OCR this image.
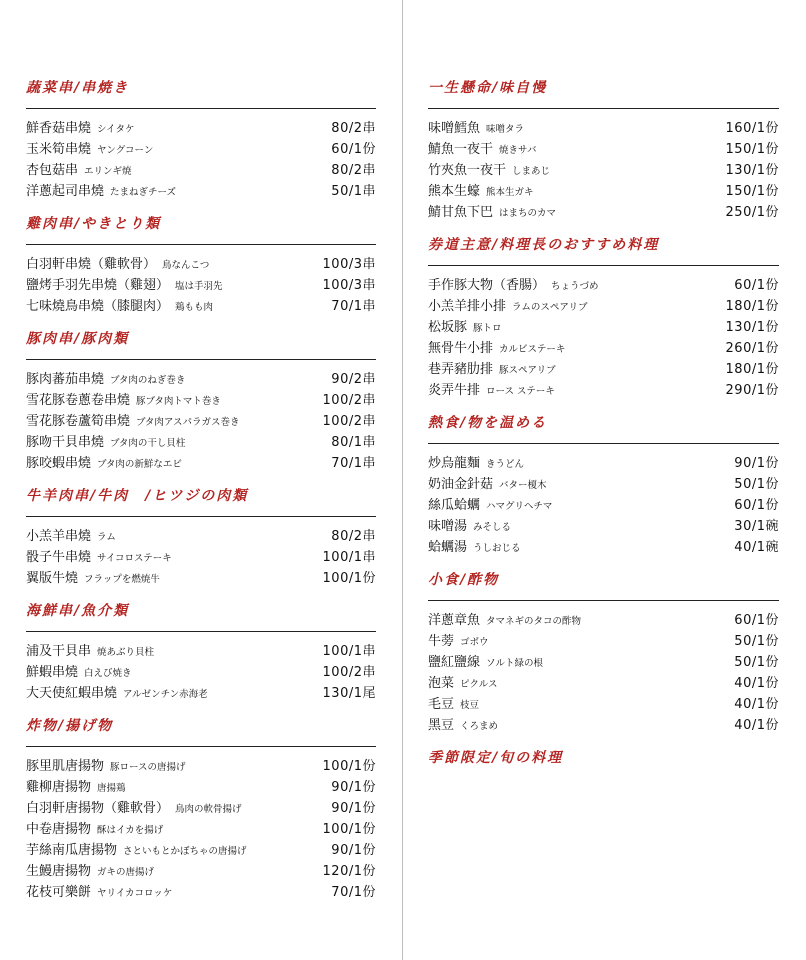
蔬菜串/串焼き
鮮香菇串燒 シイタケ	80/2串
玉米筍串燒 ヤングコーン	60/1份
杏包菇串 エリンギ焼	80/2串
洋蔥起司串燒 たまねぎチーズ	50/1串
雞肉串/やきとり類
白羽軒串燒（雞軟骨） 鳥なんこつ	100/3串
鹽烤手羽先串燒（雞翅） 塩は手羽先	100/3串
七味燒鳥串燒（膝腿肉） 鶏もも肉	70/1串
豚肉串/豚肉類
豚肉蕃茄串燒 ブタ肉のねぎ巻き	90/2串
雪花豚卷蔥卷串燒 豚ブタ肉トマト巻き	100/2串
雪花豚卷蘆筍串燒 ブタ肉アスパラガス巻き	100/2串
豚吻干貝串燒 ブタ肉の干し貝柱	80/1串
豚咬蝦串燒 ブタ肉の新鮮なエビ	70/1串
牛羊肉串/牛肉　/ヒツジの肉類
小羔羊串燒 ラム	80/2串
骰子牛串燒 サイコロステーキ	100/1串
翼版牛燒 フラップを燃焼牛	100/1份
海鮮串/魚介類
浦及干貝串 焼あぶり貝柱	100/1串
鮮蝦串燒 白えび焼き	100/2串
大天使紅蝦串燒 アルゼンチン赤海老	130/1尾
炸物/揚げ物
豚里肌唐揚物 豚ロースの唐揚げ	100/1份
雞柳唐揚物 唐揚鶏	90/1份
白羽軒唐揚物（雞軟骨） 鳥肉の軟骨揚げ	90/1份
中卷唐揚物 酥はイカを揚げ	100/1份
芋絲南瓜唐揚物 さといもとかぼちゃの唐揚げ	90/1份
生鰻唐揚物 ガキの唐揚げ	120/1份
花枝可樂餅 ヤリイカコロッケ	70/1份
一生懸命/味自慢
味噌鱈魚 味噌タラ	160/1份
鯖魚一夜干 焼きサバ	150/1份
竹夾魚一夜干 しまあじ	130/1份
熊本生蠔 熊本生ガキ	150/1份
鯖甘魚下巴 はまちのカマ	250/1份
券道主意/料理長のおすすめ料理
手作豚大物（香腸） ちょうづめ	60/1份
小羔羊排小排 ラムのスペアリブ	180/1份
松坂豚 豚トロ	130/1份
無骨牛小排 カルビステーキ	260/1份
巷弄豬肋排 豚スペアリブ	180/1份
炎弄牛排 ロース ステーキ	290/1份
熱食/物を温める
炒烏龍麵 きうどん	90/1份
奶油金針菇 バター榎木	50/1份
絲瓜蛤蠣 ハマグリヘチマ	60/1份
味噌湯 みそしる	30/1碗
蛤蠣湯 うしおじる	40/1碗
小食/酢物
洋蔥章魚 タマネギのタコの酢物	60/1份
牛蒡 ゴボウ	50/1份
鹽紅鹽線 ソルト緑の根	50/1份
泡菜 ピクルス	40/1份
毛豆 枝豆	40/1份
黑豆 くろまめ	40/1份
季節限定/旬の料理
